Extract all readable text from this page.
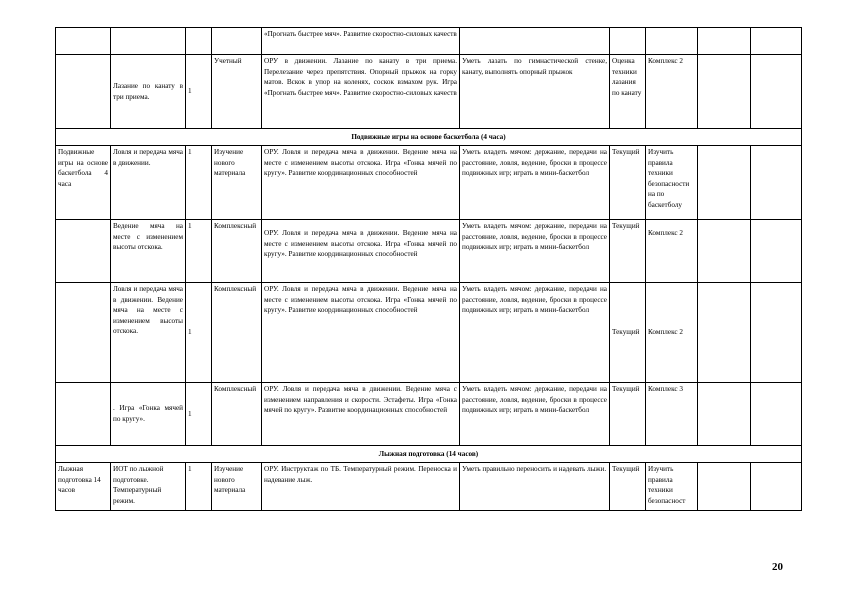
				«Прогнать быстрее мяч». Развитие скоростно-силовых качеств					
	Лазание по канату в три приема.	1	Учетный	ОРУ в движении. Лазание по канату в три приема. Перелезание через препятствия. Опорный прыжок на горку матов. Вскок в упор на коленях, соскок взмахом рук. Игра «Прогнать быстрее мяч». Развитие скоростно-силовых качеств	Уметь лазать по гимнастической стенке, канату, выполнять опорный прыжок	Оценка техники лазания по канату	Комплекс 2		
Подвижные игры на основе баскетбола (4 часа)									
Подвижные игры на основе баскетбола 4 часа	Ловля и передача мяча в движении.	1	Изучение нового материала	ОРУ. Ловля и передача мяча в движении. Ведение мяча на месте с изменением высоты отскока. Игра «Гонка мячей по кругу». Развитие координационных способностей	Уметь владеть мячом: держание, передачи на расстояние, ловля, ведение, броски в процессе подвижных игр; играть в мини-баскетбол	Текущий	Изучить правила техники безопасности на по баскетболу		
	Ведение мяча на месте с изменением высоты отскока.	1	Комплексный	ОРУ. Ловля и передача мяча в движении. Ведение мяча на месте с изменением высоты отскока. Игра «Гонка мячей по кругу». Развитие координационных способностей	Уметь владеть мячом: держание, передачи на расстояние, ловля, ведение, броски в процессе подвижных игр; играть в мини-баскетбол	Текущий	Комплекс 2		
	Ловля и передача мяча в движении. Ведение мяча на месте с изменением высоты отскока.	1	Комплексный	ОРУ. Ловля и передача мяча в движении. Ведение мяча на месте с изменением высоты отскока. Игра «Гонка мячей по кругу». Развитие координационных способностей	Уметь владеть мячом: держание, передачи на расстояние, ловля, ведение, броски в процессе подвижных игр; играть в мини-баскетбол	Текущий	Комплекс 2		
	. Игра «Гонка мячей по кругу».	1	Комплексный	ОРУ. Ловля и передача мяча в движении. Ведение мяча с изменением направления и скорости. Эстафеты. Игра «Гонка мячей по кругу». Развитие координационных способностей	Уметь владеть мячом: держание, передачи на расстояние, ловля, ведение, броски в процессе подвижных игр; играть в мини-баскетбол	Текущий	Комплекс 3		
Лыжная подготовка (14 часов)									
Лыжная подготовка 14 часов	ИОТ по лыжной подготовке. Температурный режим.	1	Изучение нового материала	ОРУ. Инструктаж по ТБ. Температурный режим. Переноска и надевание лыж.	Уметь правильно переносить и надевать лыжи.	Текущий	Изучить правила техники безопасност		
20
